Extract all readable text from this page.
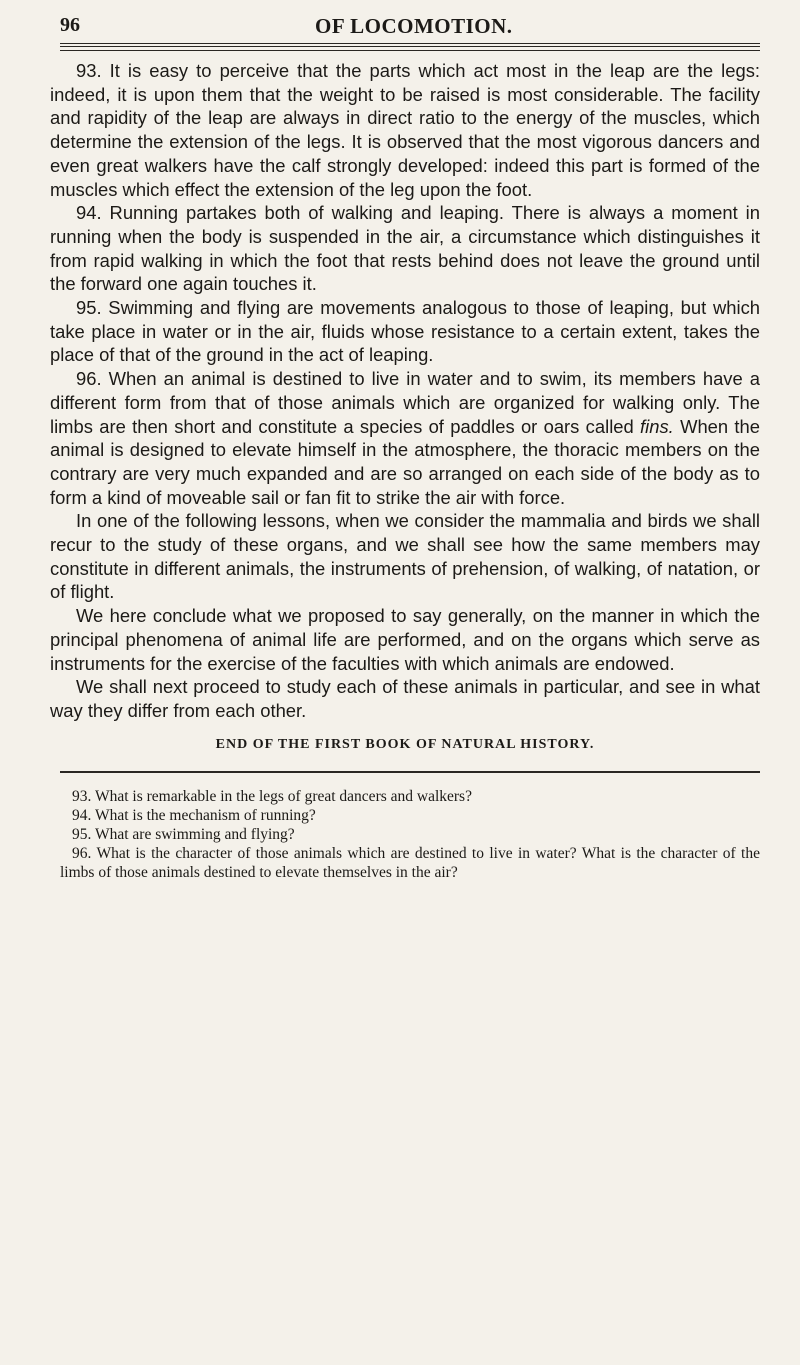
96	OF LOCOMOTION.

93. It is easy to perceive that the parts which act most in the leap are the legs: indeed, it is upon them that the weight to be raised is most considerable. The facility and rapidity of the leap are always in direct ratio to the energy of the muscles, which determine the extension of the legs. It is observed that the most vigorous dancers and even great walkers have the calf strongly developed: indeed this part is formed of the muscles which effect the extension of the leg upon the foot.

94. Running partakes both of walking and leaping. There is always a moment in running when the body is suspended in the air, a circumstance which distinguishes it from rapid walking in which the foot that rests behind does not leave the ground until the forward one again touches it.

95. Swimming and flying are movements analogous to those of leaping, but which take place in water or in the air, fluids whose resistance to a certain extent, takes the place of that of the ground in the act of leaping.

96. When an animal is destined to live in water and to swim, its members have a different form from that of those animals which are organized for walking only. The limbs are then short and constitute a species of paddles or oars called fins. When the animal is designed to elevate himself in the atmosphere, the thoracic members on the contrary are very much expanded and are so arranged on each side of the body as to form a kind of moveable sail or fan fit to strike the air with force.

In one of the following lessons, when we consider the mammalia and birds we shall recur to the study of these organs, and we shall see how the same members may constitute in different animals, the instruments of prehension, of walking, of natation, or of flight.

We here conclude what we proposed to say generally, on the manner in which the principal phenomena of animal life are performed, and on the organs which serve as instruments for the exercise of the faculties with which animals are endowed.

We shall next proceed to study each of these animals in particular, and see in what way they differ from each other.

END OF THE FIRST BOOK OF NATURAL HISTORY.

93. What is remarkable in the legs of great dancers and walkers?

94. What is the mechanism of running?

95. What are swimming and flying?

96. What is the character of those animals which are destined to live in water? What is the character of the limbs of those animals destined to elevate themselves in the air?
